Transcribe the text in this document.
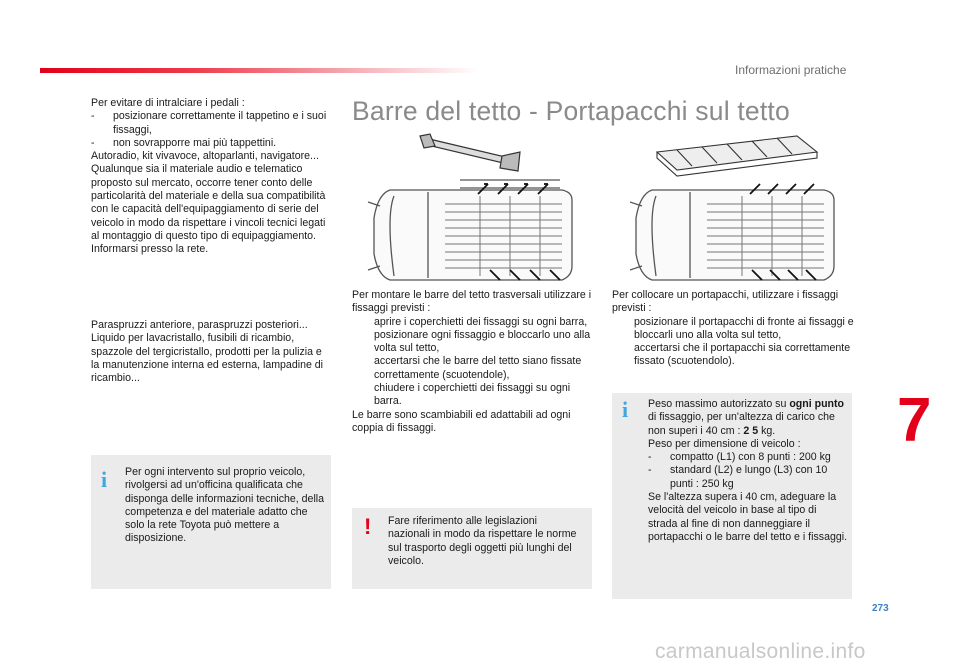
Informazioni pratiche

Per evitare di intralciare i pedali :

- posizionare correttamente il tappetino e i suoi fissaggi,
- non sovrapporre mai più tappettini.

Autoradio, kit vivavoce, altoparlanti, navigatore...
Qualunque sia il materiale audio e telematico proposto sul mercato, occorre tener conto delle particolarità del materiale e della sua compatibilità con le capacità dell'equipaggiamento di serie del veicolo in modo da rispettare i vincoli tecnici legati al montaggio di questo tipo di equipaggiamento. Informarsi presso la rete.

Paraspruzzi anteriore, paraspruzzi posteriori... Liquido per lavacristallo, fusibili di ricambio, spazzole del tergicristallo, prodotti per la pulizia e la manutenzione interna ed esterna, lampadine di ricambio...
i Per ogni intervento sul proprio veicolo, rivolgersi ad un'officina qualificata che disponga delle informazioni tecniche, della competenza e del materiale adatto che solo la rete Toyota può mettere a disposizione.
Barre del tetto - Portapacchi sul tetto

Per montare le barre del tetto trasversali utilizzare i fissaggi previsti :

aprire i coperchietti dei fissaggi su ogni barra,
posizionare ogni fissaggio e bloccarlo uno alla volta sul tetto,
accertarsi che le barre del tetto siano fissate correttamente (scuotendole),
chiudere i coperchietti dei fissaggi su ogni barra.

Le barre sono scambiabili ed adattabili ad ogni coppia di fissaggi.

! Fare riferimento alle legislazioni nazionali in modo da rispettare le norme sul trasporto degli oggetti più lunghi del veicolo.

Per collocare un portapacchi, utilizzare i fissaggi previsti :

posizionare il portapacchi di fronte ai fissaggi e bloccarli uno alla volta sul tetto,
accertarsi che il portapacchi sia correttamente fissato (scuotendolo).
i Peso massimo autorizzato su ogni punto di fissaggio, per un'altezza di carico che non superi i 40 cm : 2 5 kg.

Peso per dimensione di veicolo :

- compatto (L1) con 8 punti : 200 kg
- standard (L2) e lungo (L3) con 10 punti : 250 kg

Se l'altezza supera i 40 cm, adeguare la velocità del veicolo in base al tipo di strada al fine di non danneggiare il portapacchi o le barre del tetto e i fissaggi.

7
273
carmanualsonline.info
